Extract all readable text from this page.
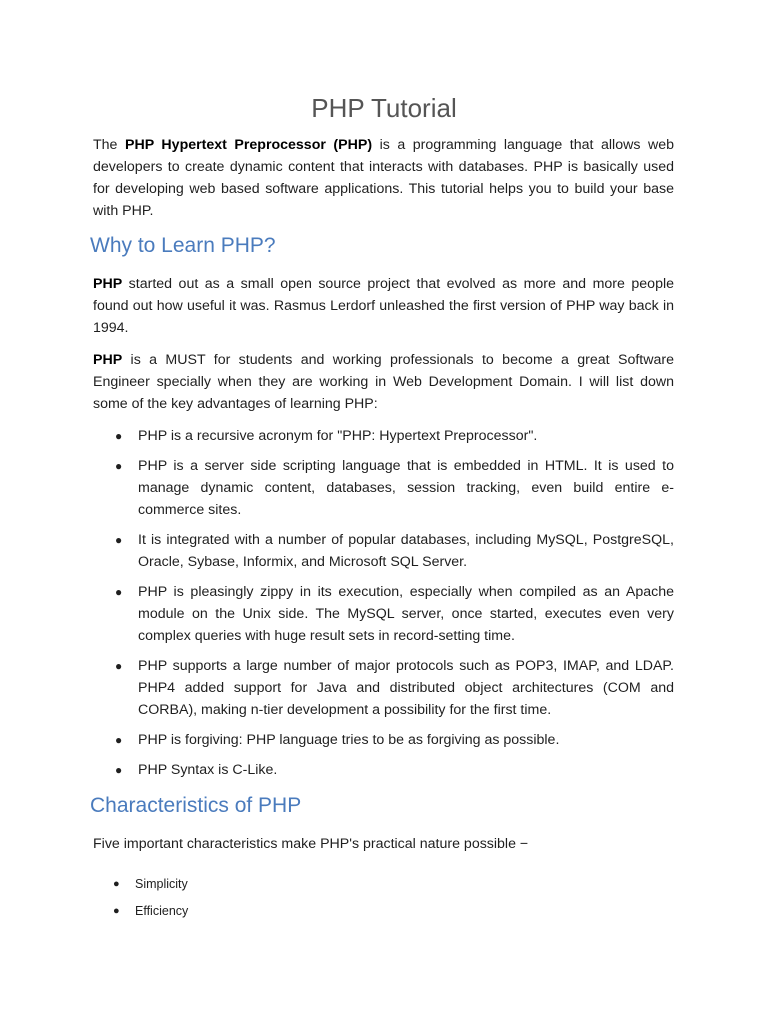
PHP Tutorial

The PHP Hypertext Preprocessor (PHP) is a programming language that allows web developers to create dynamic content that interacts with databases. PHP is basically used for developing web based software applications. This tutorial helps you to build your base with PHP.

Why to Learn PHP?

PHP started out as a small open source project that evolved as more and more people found out how useful it was. Rasmus Lerdorf unleashed the first version of PHP way back in 1994.

PHP is a MUST for students and working professionals to become a great Software Engineer specially when they are working in Web Development Domain. I will list down some of the key advantages of learning PHP:

● PHP is a recursive acronym for "PHP: Hypertext Preprocessor".
● PHP is a server side scripting language that is embedded in HTML. It is used to manage dynamic content, databases, session tracking, even build entire e-commerce sites.
● It is integrated with a number of popular databases, including MySQL, PostgreSQL, Oracle, Sybase, Informix, and Microsoft SQL Server.
● PHP is pleasingly zippy in its execution, especially when compiled as an Apache module on the Unix side. The MySQL server, once started, executes even very complex queries with huge result sets in record-setting time.
● PHP supports a large number of major protocols such as POP3, IMAP, and LDAP. PHP4 added support for Java and distributed object architectures (COM and CORBA), making n-tier development a possibility for the first time.
● PHP is forgiving: PHP language tries to be as forgiving as possible.
● PHP Syntax is C-Like.
Characteristics of PHP

Five important characteristics make PHP's practical nature possible −

● Simplicity
● Efficiency
